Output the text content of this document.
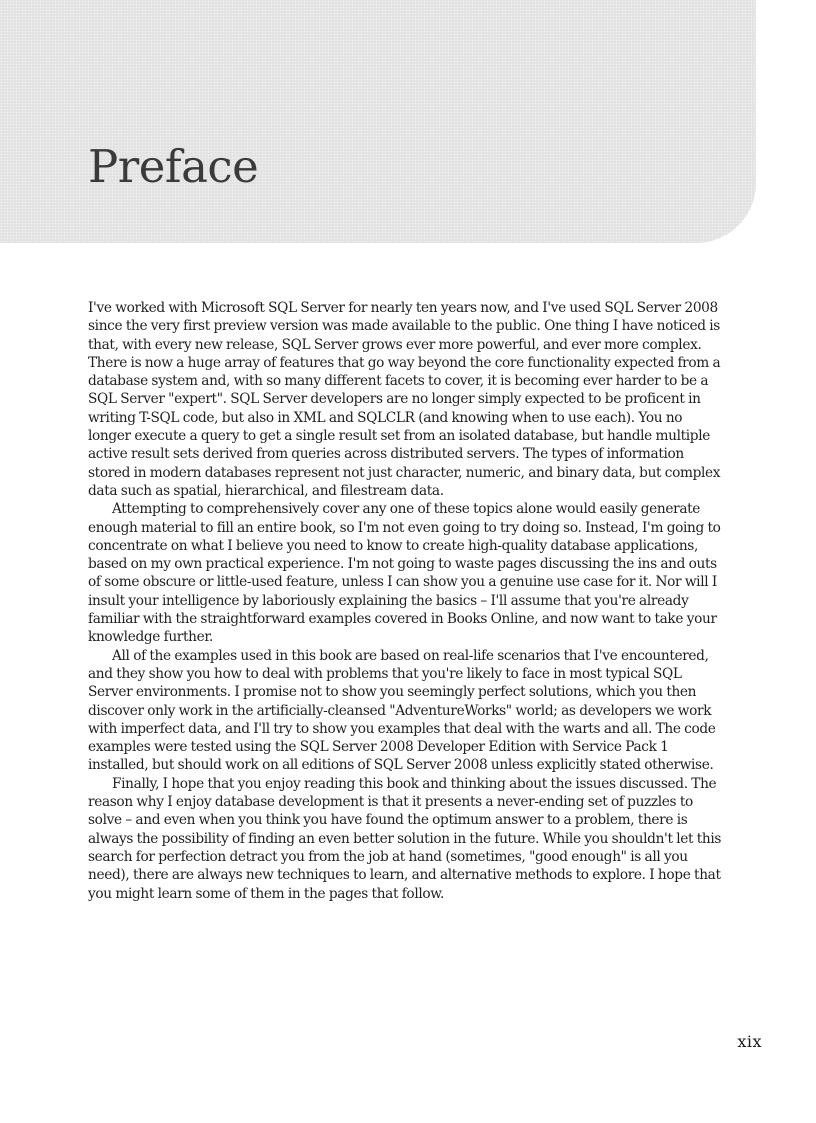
Preface

I've worked with Microsoft SQL Server for nearly ten years now, and I've used SQL Server 2008 since the very first preview version was made available to the public. One thing I have noticed is that, with every new release, SQL Server grows ever more powerful, and ever more complex. There is now a huge array of features that go way beyond the core functionality expected from a database system and, with so many different facets to cover, it is becoming ever harder to be a SQL Server "expert". SQL Server developers are no longer simply expected to be proficent in writing T-SQL code, but also in XML and SQLCLR (and knowing when to use each). You no longer execute a query to get a single result set from an isolated database, but handle multiple active result sets derived from queries across distributed servers. The types of information stored in modern databases represent not just character, numeric, and binary data, but complex data such as spatial, hierarchical, and filestream data.

Attempting to comprehensively cover any one of these topics alone would easily generate enough material to fill an entire book, so I'm not even going to try doing so. Instead, I'm going to concentrate on what I believe you need to know to create high-quality database applications, based on my own practical experience. I'm not going to waste pages discussing the ins and outs of some obscure or little-used feature, unless I can show you a genuine use case for it. Nor will I insult your intelligence by laboriously explaining the basics – I'll assume that you're already familiar with the straightforward examples covered in Books Online, and now want to take your knowledge further.

All of the examples used in this book are based on real-life scenarios that I've encountered, and they show you how to deal with problems that you're likely to face in most typical SQL Server environments. I promise not to show you seemingly perfect solutions, which you then discover only work in the artificially-cleansed "AdventureWorks" world; as developers we work with imperfect data, and I'll try to show you examples that deal with the warts and all. The code examples were tested using the SQL Server 2008 Developer Edition with Service Pack 1 installed, but should work on all editions of SQL Server 2008 unless explicitly stated otherwise.

Finally, I hope that you enjoy reading this book and thinking about the issues discussed. The reason why I enjoy database development is that it presents a never-ending set of puzzles to solve – and even when you think you have found the optimum answer to a problem, there is always the possibility of finding an even better solution in the future. While you shouldn't let this search for perfection detract you from the job at hand (sometimes, "good enough" is all you need), there are always new techniques to learn, and alternative methods to explore. I hope that you might learn some of them in the pages that follow.

xix
